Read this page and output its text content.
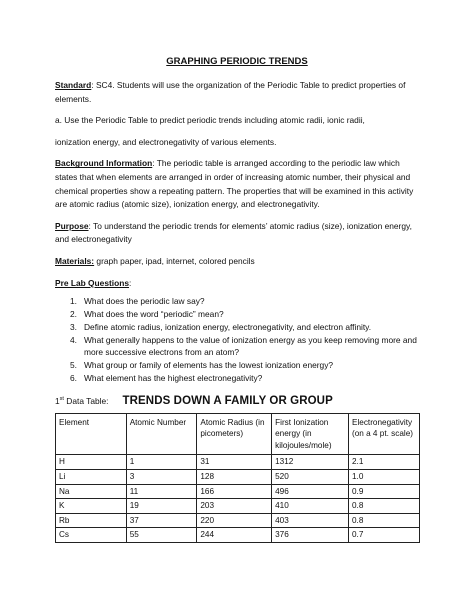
GRAPHING PERIODIC TRENDS

Standard: SC4. Students will use the organization of the Periodic Table to predict properties of elements.

a. Use the Periodic Table to predict periodic trends including atomic radii, ionic radii,

ionization energy, and electronegativity of various elements.

Background Information: The periodic table is arranged according to the periodic law which states that when elements are arranged in order of increasing atomic number, their physical and chemical properties show a repeating pattern. The properties that will be examined in this activity are atomic radius (atomic size), ionization energy, and electronegativity.

Purpose: To understand the periodic trends for elements’ atomic radius (size), ionization energy, and electronegativity

Materials: graph paper, ipad, internet, colored pencils

Pre Lab Questions:

1. What does the periodic law say?
2. What does the word “periodic” mean?
3. Define atomic radius, ionization energy, electronegativity, and electron affinity.
4. What generally happens to the value of ionization energy as you keep removing more and more successive electrons from an atom?
5. What group or family of elements has the lowest ionization energy?
6. What element has the highest electronegativity?
1st Data Table: TRENDS DOWN A FAMILY OR GROUP
Element	Atomic Number	Atomic Radius (in picometers)	First Ionization energy (in kilojoules/mole)	Electronegativity (on a 4 pt. scale)
H	1	31	1312	2.1
Li	3	128	520	1.0
Na	11	166	496	0.9
K	19	203	410	0.8
Rb	37	220	403	0.8
Cs	55	244	376	0.7
